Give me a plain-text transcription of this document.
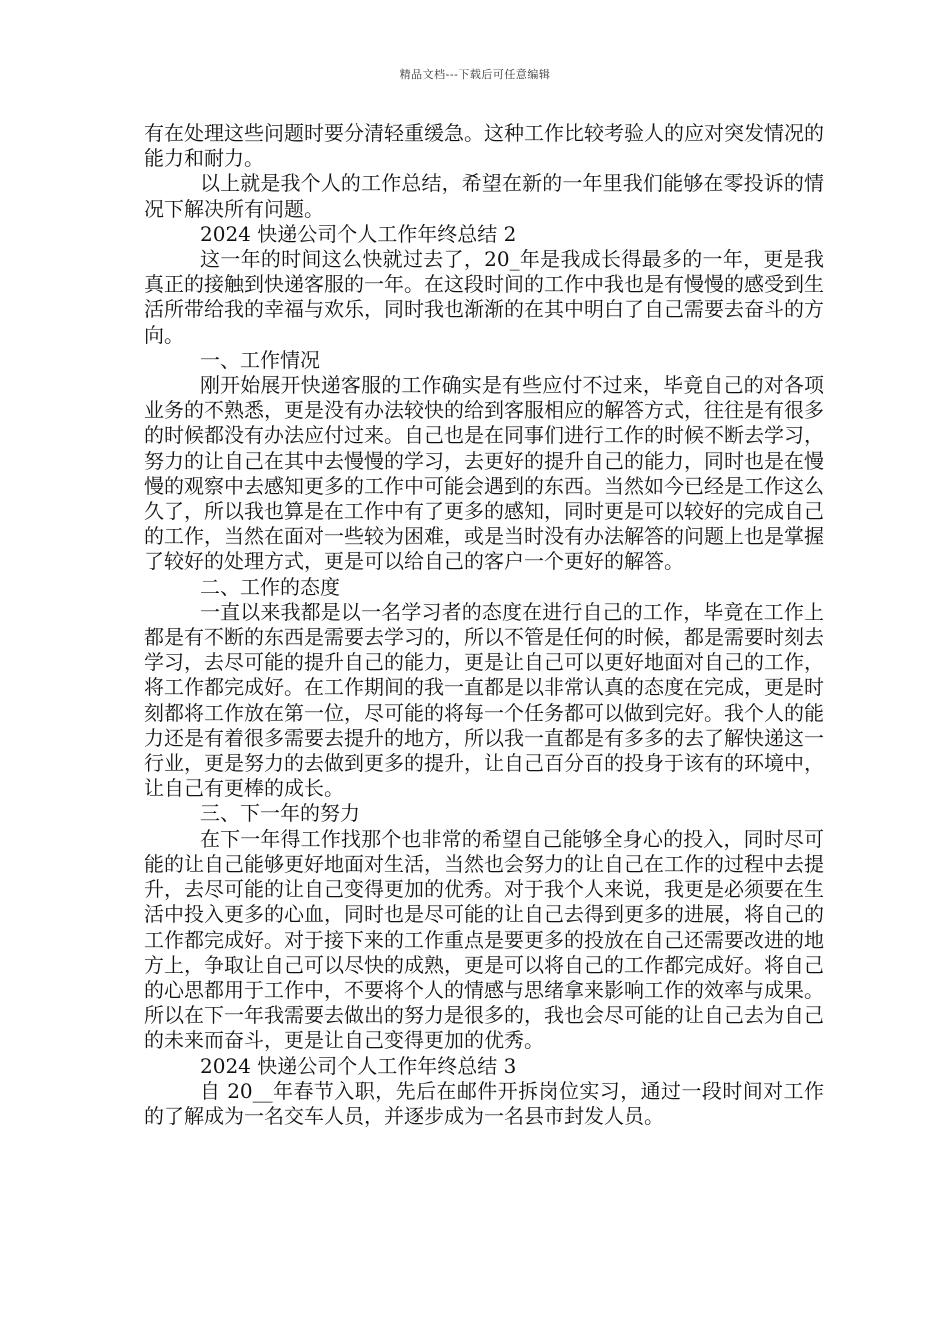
精品文档---下载后可任意编辑

有在处理这些问题时要分清轻重缓急。这种工作比较考验人的应对突发情况的能力和耐力。

以上就是我个人的工作总结，希望在新的一年里我们能够在零投诉的情况下解决所有问题。

2024 快递公司个人工作年终总结 2

这一年的时间这么快就过去了，20_年是我成长得最多的一年，更是我真正的接触到快递客服的一年。在这段时间的工作中我也是有慢慢的感受到生活所带给我的幸福与欢乐，同时我也渐渐的在其中明白了自己需要去奋斗的方向。

一、工作情况

刚开始展开快递客服的工作确实是有些应付不过来，毕竟自己的对各项业务的不熟悉，更是没有办法较快的给到客服相应的解答方式，往往是有很多的时候都没有办法应付过来。自己也是在同事们进行工作的时候不断去学习，努力的让自己在其中去慢慢的学习，去更好的提升自己的能力，同时也是在慢慢的观察中去感知更多的工作中可能会遇到的东西。当然如今已经是工作这么久了，所以我也算是在工作中有了更多的感知，同时更是可以较好的完成自己的工作，当然在面对一些较为困难，或是当时没有办法解答的问题上也是掌握了较好的处理方式，更是可以给自己的客户一个更好的解答。

二、工作的态度

一直以来我都是以一名学习者的态度在进行自己的工作，毕竟在工作上都是有不断的东西是需要去学习的，所以不管是任何的时候，都是需要时刻去学习，去尽可能的提升自己的能力，更是让自己可以更好地面对自己的工作，将工作都完成好。在工作期间的我一直都是以非常认真的态度在完成，更是时刻都将工作放在第一位，尽可能的将每一个任务都可以做到完好。我个人的能力还是有着很多需要去提升的地方，所以我一直都是有多多的去了解快递这一行业，更是努力的去做到更多的提升，让自己百分百的投身于该有的环境中，让自己有更棒的成长。

三、下一年的努力

在下一年得工作找那个也非常的希望自己能够全身心的投入，同时尽可能的让自己能够更好地面对生活，当然也会努力的让自己在工作的过程中去提升，去尽可能的让自己变得更加的优秀。对于我个人来说，我更是必须要在生活中投入更多的心血，同时也是尽可能的让自己去得到更多的进展，将自己的工作都完成好。对于接下来的工作重点是要更多的投放在自己还需要改进的地方上，争取让自己可以尽快的成熟，更是可以将自己的工作都完成好。将自己的心思都用于工作中，不要将个人的情感与思绪拿来影响工作的效率与成果。所以在下一年我需要去做出的努力是很多的，我也会尽可能的让自己去为自己的未来而奋斗，更是让自己变得更加的优秀。

2024 快递公司个人工作年终总结 3

自 20__年春节入职，先后在邮件开拆岗位实习，通过一段时间对工作的了解成为一名交车人员，并逐步成为一名县市封发人员。
